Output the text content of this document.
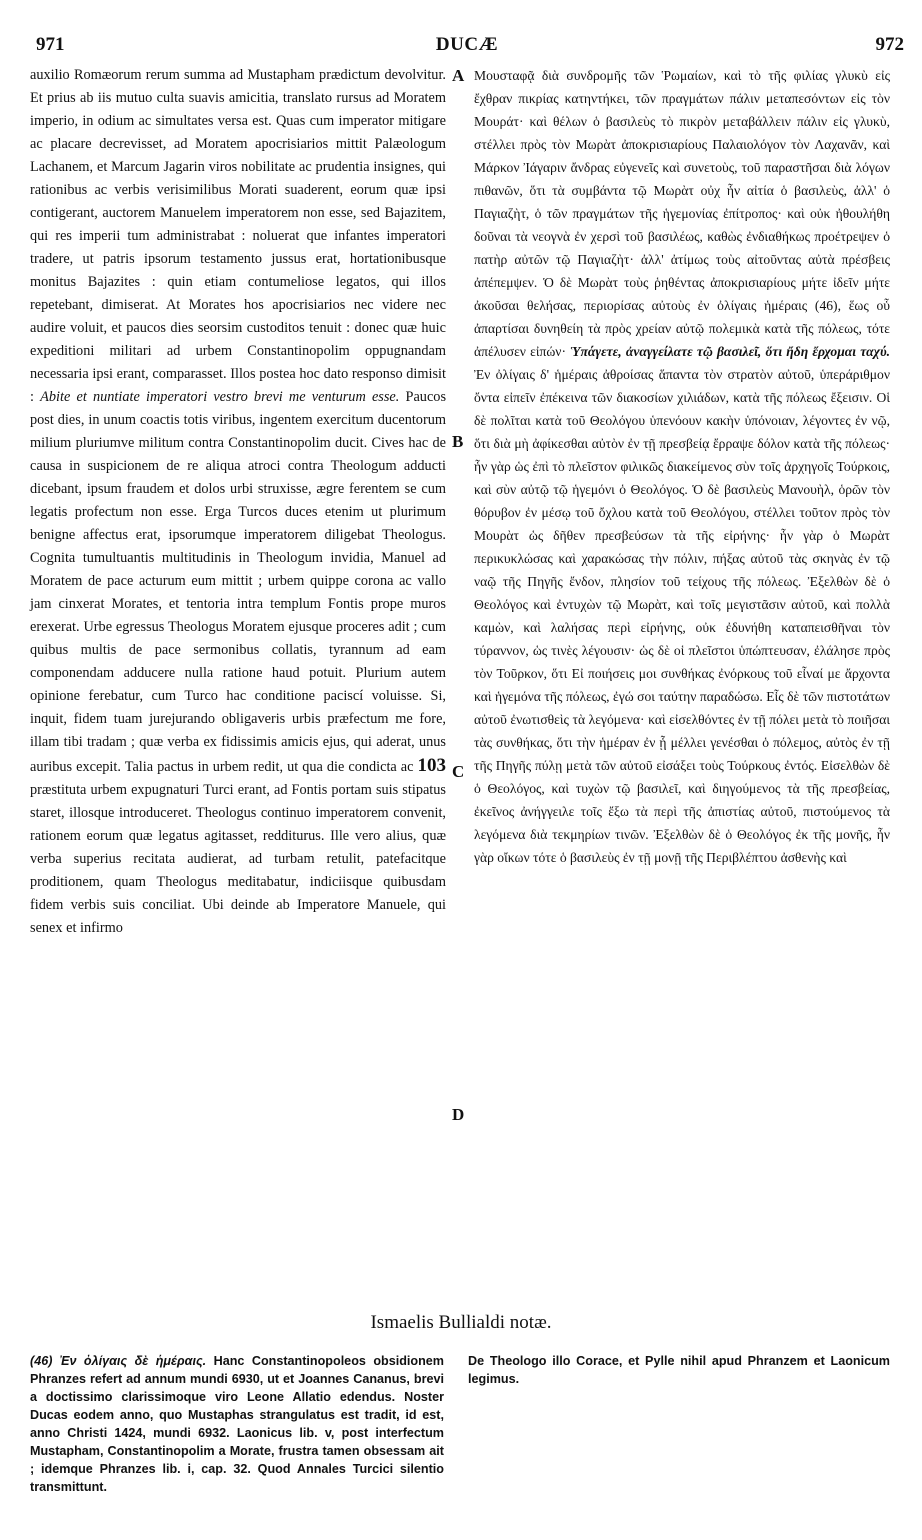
971	DUCÆ	972

auxilio Romæorum rerum summa ad Mustapham prædictum devolvitur. Et prius ab iis mutuo culta suavis amicitia, translato rursus ad Moratem imperio, in odium ac simultates versa est. Quas cum imperator mitigare ac placare decrevisset, ad Moratem apocrisiarios mittit Palæologum Lachanem, et Marcum Jagarin viros nobilitate ac prudentia insignes, qui rationibus ac verbis verisimilibus Morati suaderent, eorum quæ ipsi contigerant, auctorem Manuelem imperatorem non esse, sed Bajazitem, qui res imperii tum administrabat : noluerat que infantes imperatori tradere, ut patris ipsorum testamento jussus erat, hortationibusque monitus Bajazites : quin etiam contumeliose legatos, qui illos repetebant, dimiserat. At Morates hos apocrisiarios nec videre nec audire voluit, et paucos dies seorsim custoditos tenuit : donec quæ huic expeditioni militari ad urbem Constantinopolim oppugnandam necessaria ipsi erant, comparasset. Illos postea hoc dato responso dimisit : Abite et nuntiate imperatori vestro brevi me venturum esse. Paucos post dies, in unum coactis totis viribus, ingentem exercitum ducentorum milium pluriumve militum contra Constantinopolim ducit. Cives hac de causa in suspicionem de re aliqua atroci contra Theologum adducti dicebant, ipsum fraudem et dolos urbi struxisse, ægre ferentem se cum legatis profectum non esse. Erga Turcos duces etenim ut plurimum benigne affectus erat, ipsorumque imperatorem diligebat Theologus. Cognita tumultuantis multitudinis in Theologum invidia, Manuel ad Moratem de pace acturum eum mittit ; urbem quippe corona ac vallo jam cinxerat Morates, et tentoria intra templum Fontis prope muros erexerat. Urbe egressus Theologus Moratem ejusque proceres adit ; cum quibus multis de pace sermonibus collatis, tyrannum ad eam componendam adducere nulla ratione haud potuit. Plurium autem opinione ferebatur, cum Turco hac conditione paciscí voluisse. Si, inquit, fidem tuam jurejurando obligaveris urbis præfectum me fore, illam tibi tradam ; quæ verba ex fidissimis amicis ejus, qui aderat, unus auribus excepit. Talia pactus in urbem redit, ut qua die condicta ac 103 præstituta urbem expugnaturi Turci erant, ad Fontis portam suis stipatus staret, illosque introduceret. Theologus continuo imperatorem convenit, rationem eorum quæ legatus agitasset, redditurus. Ille vero alius, quæ verba superius recitata audierat, ad turbam retulit, patefacitque proditionem, quam Theologus meditabatur, indiciisque quibusdam fidem verbis suis conciliat. Ubi deinde ab Imperatore Manuele, qui senex et infirmo

A
B
C
D

Μουσταφᾷ διὰ συνδρομῆς τῶν Ῥωμαίων, καὶ τὸ τῆς φιλίας γλυκὺ εἰς ἔχθραν πικρίας κατηντήκει, τῶν πραγμάτων πάλιν μεταπεσόντων εἰς τὸν Μουράτ· καὶ θέλων ὁ βασιλεὺς τὸ πικρὸν μεταβάλλειν πάλιν εἰς γλυκὺ, στέλλει πρὸς τὸν Μωρὰτ ἀποκρισιαρίους Παλαιολόγον τὸν Λαχανᾶν, καὶ Μάρκον Ἰάγαριν ἄνδρας εὐγενεῖς καὶ συνετοὺς, τοῦ παραστῆσαι διὰ λόγων πιθανῶν, ὅτι τὰ συμβάντα τῷ Μωρὰτ οὐχ ἦν αἰτία ὁ βασιλεὺς, ἀλλ' ὁ Παγιαζὴτ, ὁ τῶν πραγμάτων τῆς ἡγεμονίας ἐπίτροπος· καὶ οὐκ ἠθουλήθη δοῦναι τὰ νεογνὰ ἐν χερσὶ τοῦ βασιλέως, καθὼς ἐνδιαθήκως προέτρεψεν ὁ πατὴρ αὐτῶν τῷ Παγιαζὴτ· ἀλλ' ἀτίμως τοὺς αἰτοῦντας αὐτὰ πρέσβεις ἀπέπεμψεν. Ὁ δὲ Μωρὰτ τοὺς ῥηθέντας ἀποκρισιαρίους μήτε ἰδεῖν μήτε ἀκοῦσαι θελήσας, περιορίσας αὐτοὺς ἐν ὀλίγαις ἡμέραις (46), ἕως οὗ ἀπαρτίσαι δυνηθείη τὰ πρὸς χρείαν αὐτῷ πολεμικὰ κατὰ τῆς πόλεως, τότε ἀπέλυσεν εἰπών· Ὑπάγετε, ἀναγγείλατε τῷ βασιλεῖ, ὅτι ἤδη ἔρχομαι ταχύ. Ἐν ὀλίγαις δ' ἡμέραις ἀθροίσας ἅπαντα τὸν στρατὸν αὐτοῦ, ὑπεράριθμον ὄντα εἰπεῖν ἐπέκεινα τῶν διακοσίων χιλιάδων, κατὰ τῆς πόλεως ἔξεισιν. Οἱ δὲ πολῖται κατὰ τοῦ Θεολόγου ὑπενόουν κακὴν ὑπόνοιαν, λέγοντες ἐν νῷ, ὅτι διὰ μὴ ἀφίκεσθαι αὐτὸν ἐν τῇ πρεσβείᾳ ἔρραψε δόλον κατὰ τῆς πόλεως· ἦν γὰρ ὡς ἐπὶ τὸ πλεῖστον φιλικῶς διακείμενος σὺν τοῖς ἀρχηγοῖς Τούρκοις, καὶ σὺν αὐτῷ τῷ ἡγεμόνι ὁ Θεολόγος. Ὁ δὲ βασιλεὺς Μανουὴλ, ὁρῶν τὸν θόρυβον ἐν μέσῳ τοῦ ὄχλου κατὰ τοῦ Θεολόγου, στέλλει τοῦτον πρὸς τὸν Μουρὰτ ὡς δῆθεν πρεσβεύσων τὰ τῆς εἰρήνης· ἦν γὰρ ὁ Μωρὰτ περικυκλώσας καὶ χαρακώσας τὴν πόλιν, πήξας αὐτοῦ τὰς σκηνὰς ἐν τῷ ναῷ τῆς Πηγῆς ἔνδον, πλησίον τοῦ τείχους τῆς πόλεως. Ἐξελθὼν δὲ ὁ Θεολόγος καὶ ἐντυχὼν τῷ Μωρὰτ, καὶ τοῖς μεγιστᾶσιν αὐτοῦ, καὶ πολλὰ καμὼν, καὶ λαλήσας περὶ εἰρήνης, οὐκ ἐδυνήθη καταπεισθῆναι τὸν τύραννον, ὡς τινὲς λέγουσιν· ὡς δὲ οἱ πλεῖστοι ὑπώπτευσαν, ἐλάλησε πρὸς τὸν Τοῦρκον, ὅτι Εἰ ποιήσεις μοι συνθήκας ἐνόρκους τοῦ εἶναί με ἄρχοντα καὶ ἡγεμόνα τῆς πόλεως, ἐγώ σοι ταύτην παραδώσω. Εἷς δὲ τῶν πιστοτάτων αὐτοῦ ἐνωτισθεὶς τὰ λεγόμενα· καὶ εἰσελθόντες ἐν τῇ πόλει μετὰ τὸ ποιῆσαι τὰς συνθήκας, ὅτι τὴν ἡμέραν ἐν ᾗ μέλλει γενέσθαι ὁ πόλεμος, αὐτὸς ἐν τῇ τῆς Πηγῆς πύλῃ μετὰ τῶν αὐτοῦ εἰσάξει τοὺς Τούρκους ἐντός. Εἰσελθὼν δὲ ὁ Θεολόγος, καὶ τυχὼν τῷ βασιλεῖ, καὶ διηγούμενος τὰ τῆς πρεσβείας, ἐκεῖνος ἀνήγγειλε τοῖς ἔξω τὰ περὶ τῆς ἀπιστίας αὐτοῦ, πιστούμενος τὰ λεγόμενα διὰ τεκμηρίων τινῶν. Ἐξελθὼν δὲ ὁ Θεολόγος ἐκ τῆς μονῆς, ἦν γὰρ οἴκων τότε ὁ βασιλεὺς ἐν τῇ μονῇ τῆς Περιβλέπτου ἀσθενὴς καὶ

Ismaelis Bullialdi notæ.

(46) Ἐν ὀλίγαις δὲ ἡμέραις. Hanc Constantinopoleos obsidionem Phranzes refert ad annum mundi 6930, ut et Joannes Cananus, brevi a doctissimo clarissimoque viro Leone Allatio edendus. Noster Ducas eodem anno, quo Mustaphas strangulatus est tradit, id est, anno Christi 1424, mundi 6932. Laonicus lib. v, post interfectum Mustapham, Constantinopolim a Morate, frustra tamen obsessam ait ; idemque Phranzes lib. i, cap. 32. Quod Annales Turcici silentio transmittunt.

De Theologo illo Corace, et Pylle nihil apud Phranzem et Laonicum legimus.
